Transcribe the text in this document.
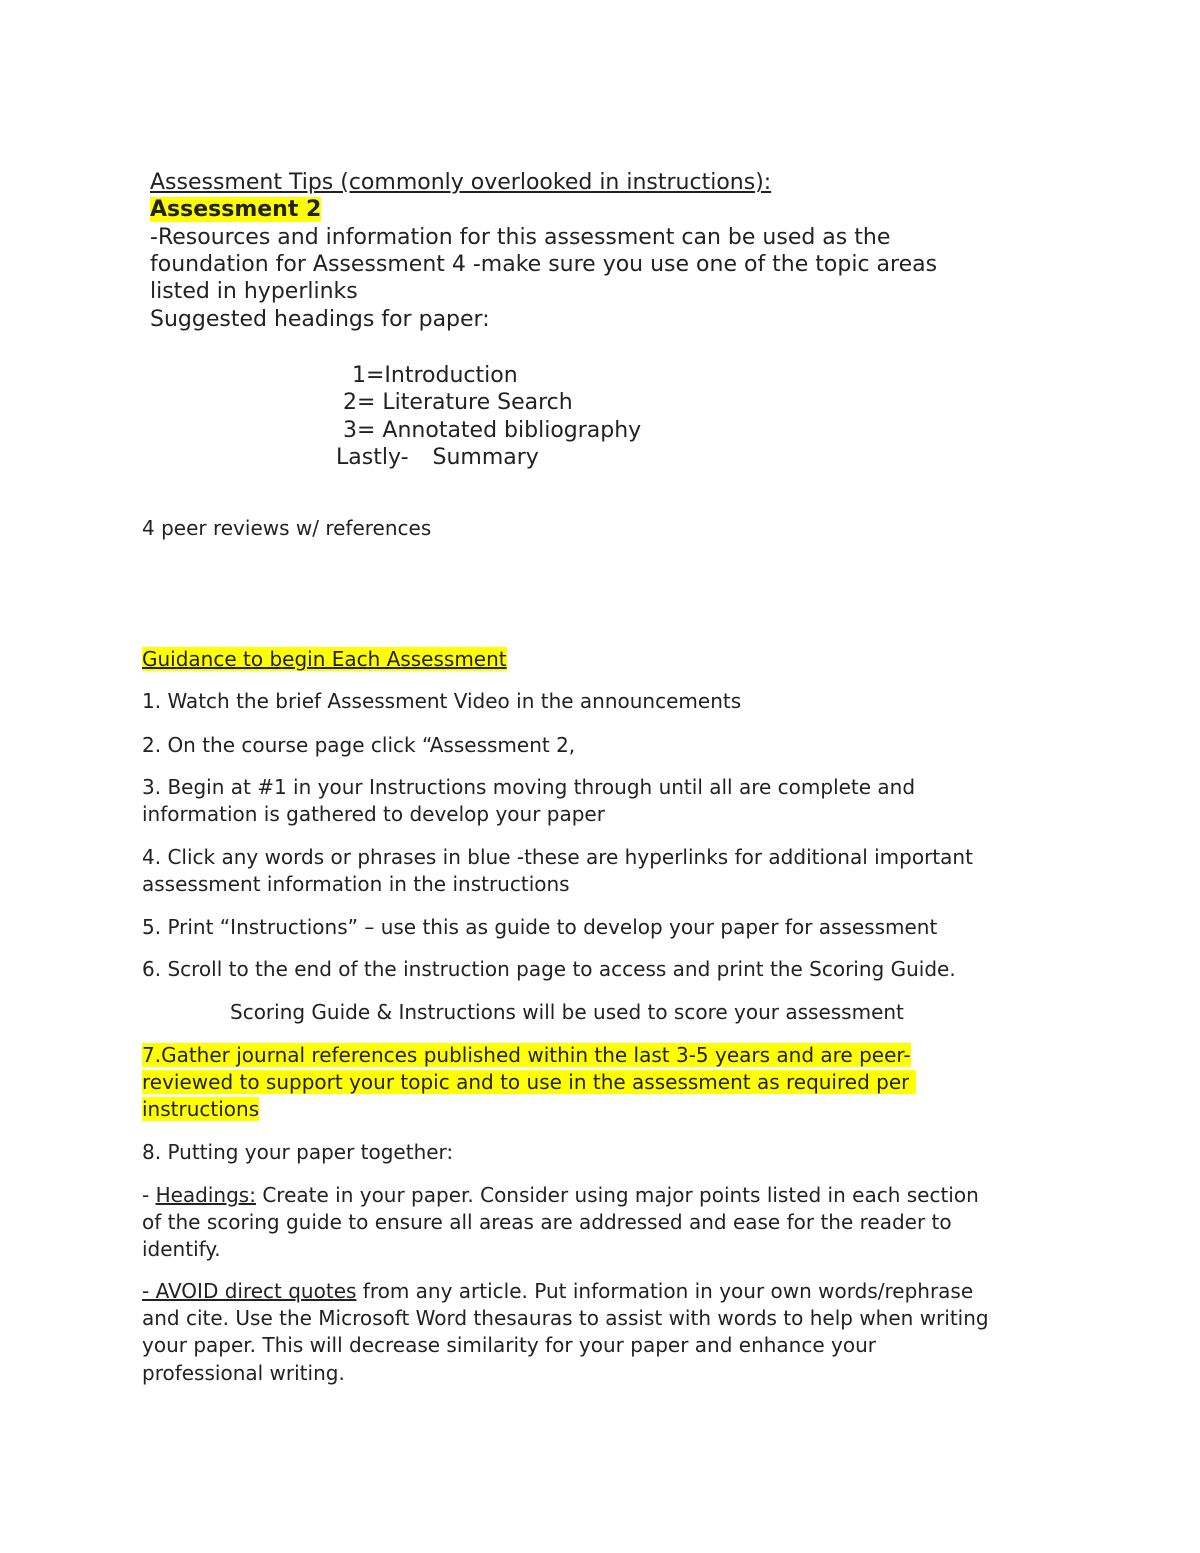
Assessment Tips (commonly overlooked in instructions):
Assessment 2
-Resources and information for this assessment can be used as the
foundation for Assessment 4 -make sure you use one of the topic areas
listed in hyperlinks
Suggested headings for paper:
1=Introduction
2= Literature Search
3= Annotated bibliography
Lastly- Summary
4 peer reviews w/ references
Guidance to begin Each Assessment
1. Watch the brief Assessment Video in the announcements
2. On the course page click “Assessment 2,
3. Begin at #1 in your Instructions moving through until all are complete and
information is gathered to develop your paper
4. Click any words or phrases in blue -these are hyperlinks for additional important
assessment information in the instructions
5. Print “Instructions” – use this as guide to develop your paper for assessment
6. Scroll to the end of the instruction page to access and print the Scoring Guide.
Scoring Guide & Instructions will be used to score your assessment
7.Gather journal references published within the last 3-5 years and are peer-
reviewed to support your topic and to use in the assessment as required per
instructions
8. Putting your paper together:
- Headings: Create in your paper. Consider using major points listed in each section
of the scoring guide to ensure all areas are addressed and ease for the reader to
identify.
- AVOID direct quotes from any article. Put information in your own words/rephrase
and cite. Use the Microsoft Word thesauras to assist with words to help when writing
your paper. This will decrease similarity for your paper and enhance your
professional writing.
